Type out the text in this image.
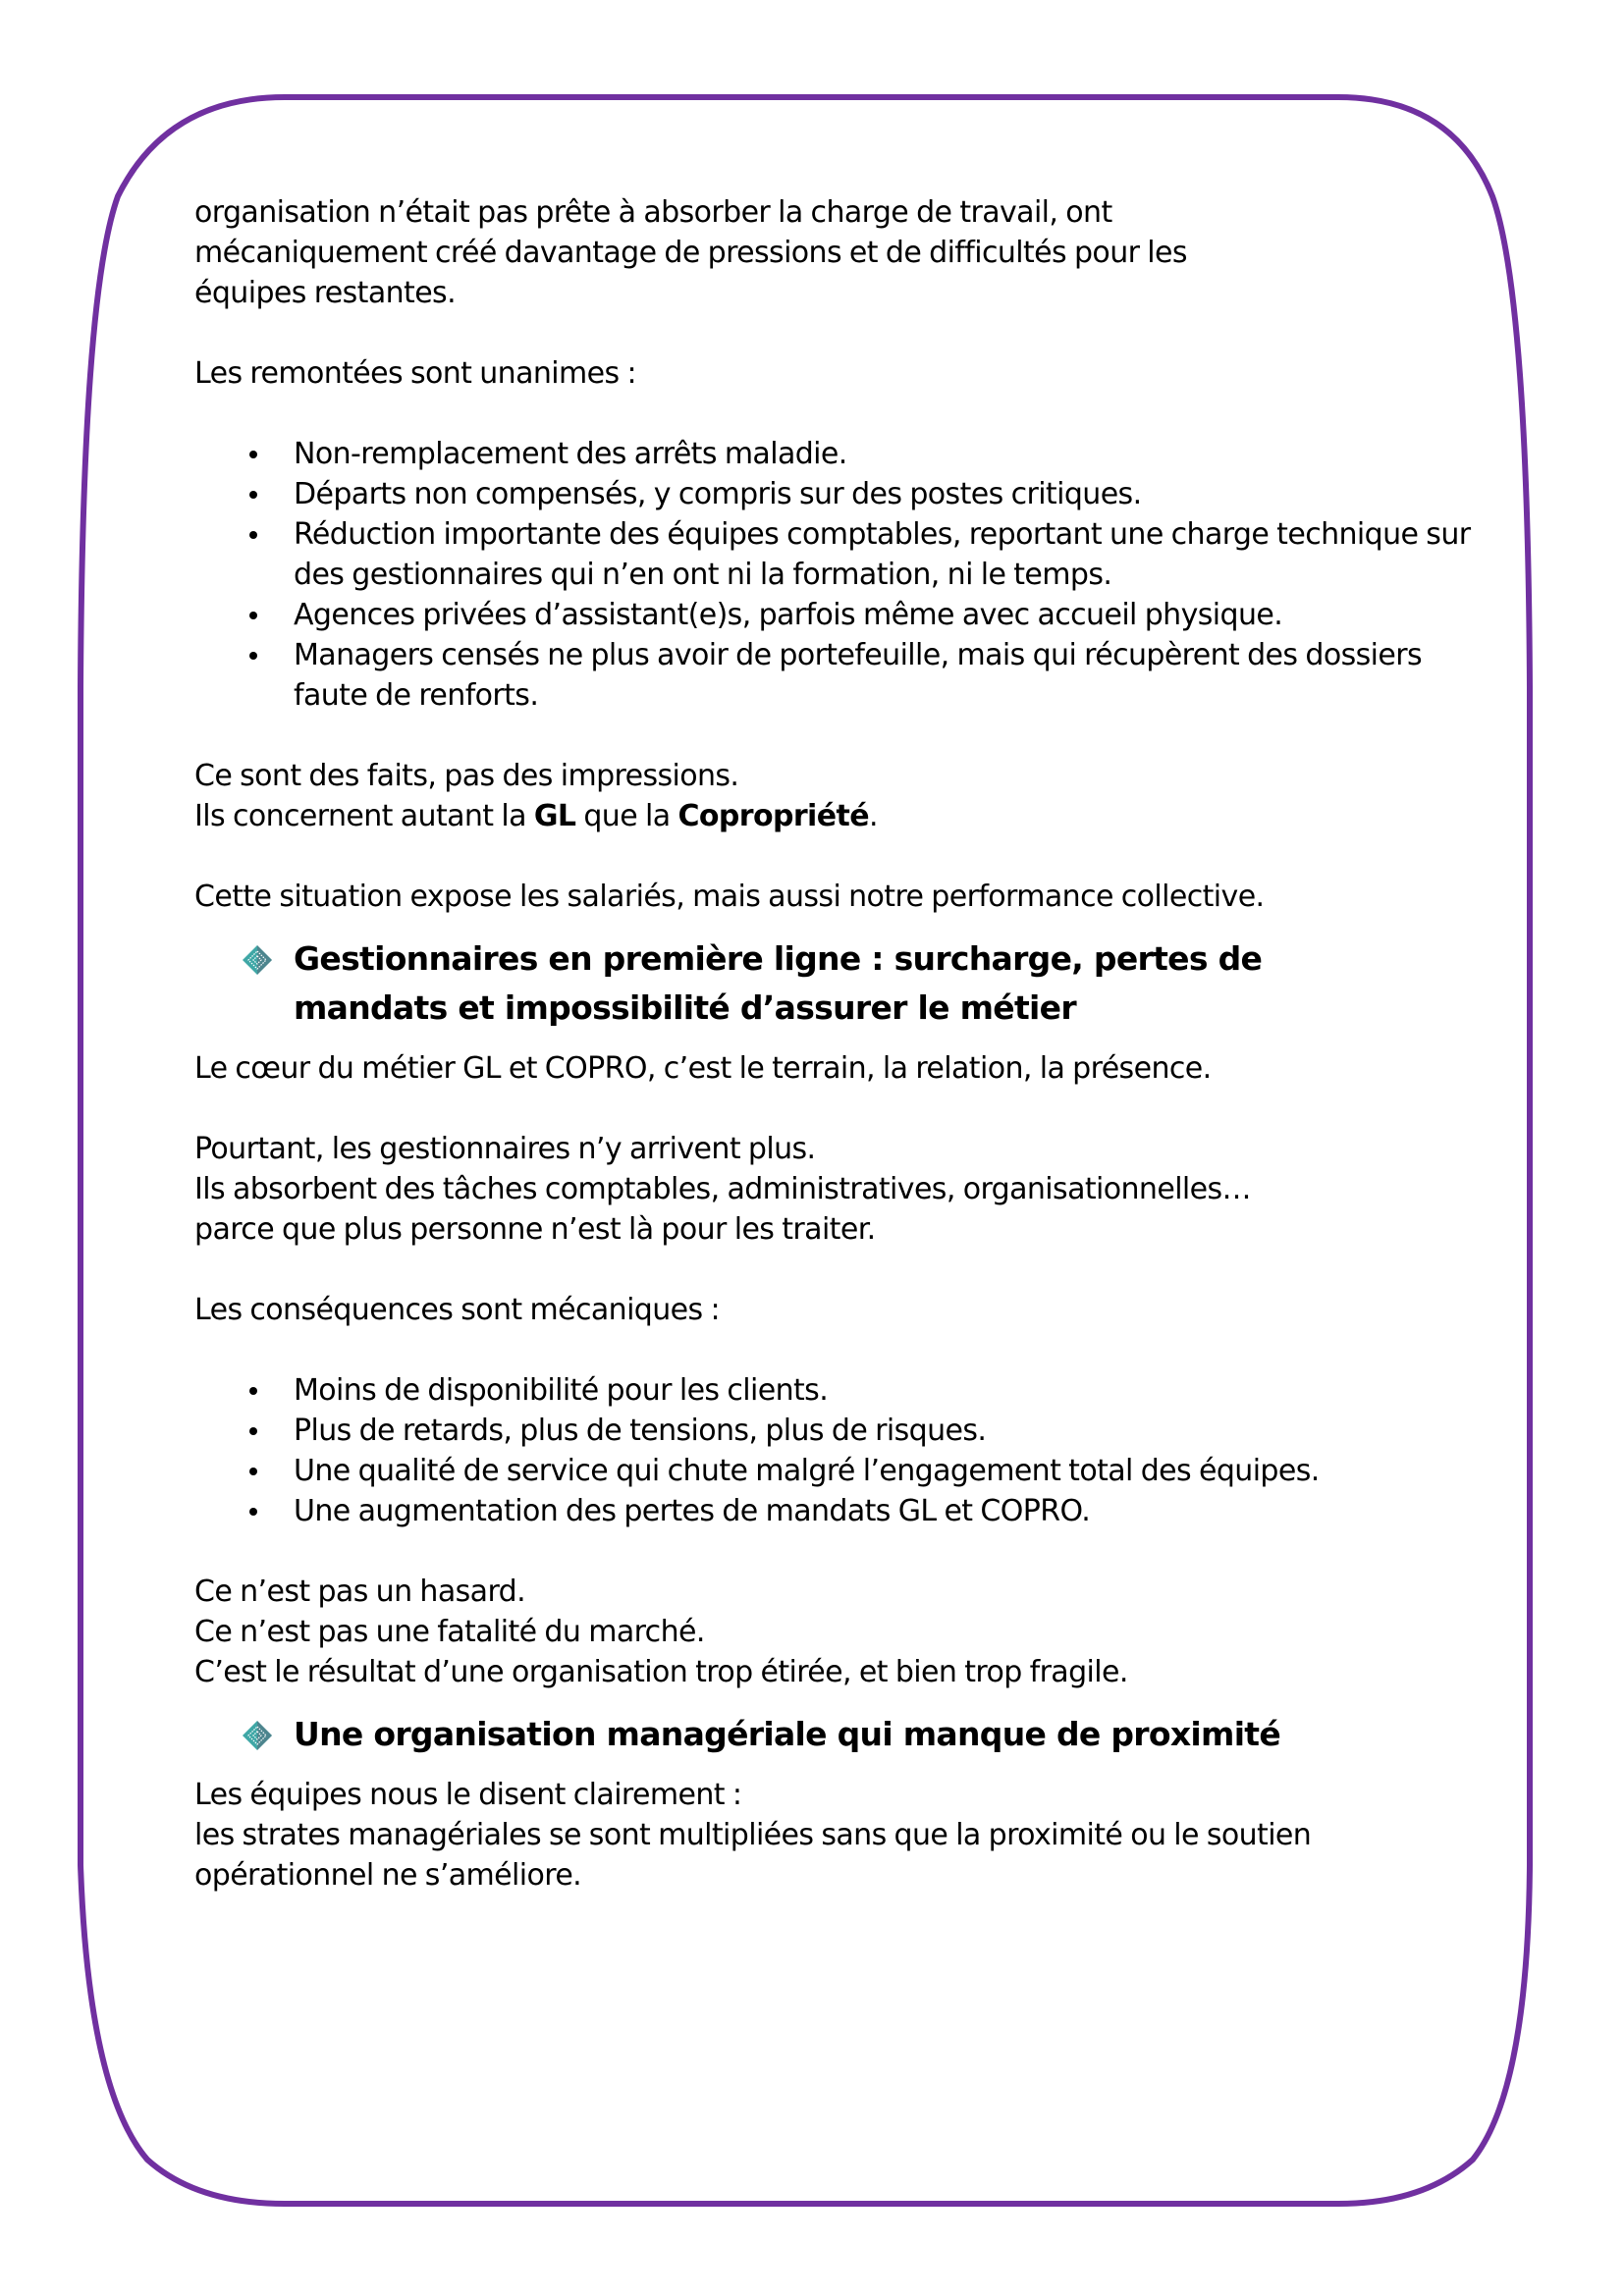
organisation n’était pas prête à absorber la charge de travail, ont

mécaniquement créé davantage de pressions et de difficultés pour les

équipes restantes.

Les remontées sont unanimes :

Non-remplacement des arrêts maladie.
Départs non compensés, y compris sur des postes critiques.
Réduction importante des équipes comptables, reportant une charge technique sur des gestionnaires qui n’en ont ni la formation, ni le temps.
Agences privées d’assistant(e)s, parfois même avec accueil physique.
Managers censés ne plus avoir de portefeuille, mais qui récupèrent des dossiers faute de renforts.

Ce sont des faits, pas des impressions.

Ils concernent autant la GL que la Copropriété.

Cette situation expose les salariés, mais aussi notre performance collective.

Gestionnaires en première ligne : surcharge, pertes de mandats et impossibilité d’assurer le métier

Le cœur du métier GL et COPRO, c’est le terrain, la relation, la présence.

Pourtant, les gestionnaires n’y arrivent plus.

Ils absorbent des tâches comptables, administratives, organisationnelles…

parce que plus personne n’est là pour les traiter.

Les conséquences sont mécaniques :

Moins de disponibilité pour les clients.
Plus de retards, plus de tensions, plus de risques.
Une qualité de service qui chute malgré l’engagement total des équipes.
Une augmentation des pertes de mandats GL et COPRO.

Ce n’est pas un hasard.

Ce n’est pas une fatalité du marché.

C’est le résultat d’une organisation trop étirée, et bien trop fragile.

Une organisation managériale qui manque de proximité

Les équipes nous le disent clairement :

les strates managériales se sont multipliées sans que la proximité ou le soutien

opérationnel ne s’améliore.
